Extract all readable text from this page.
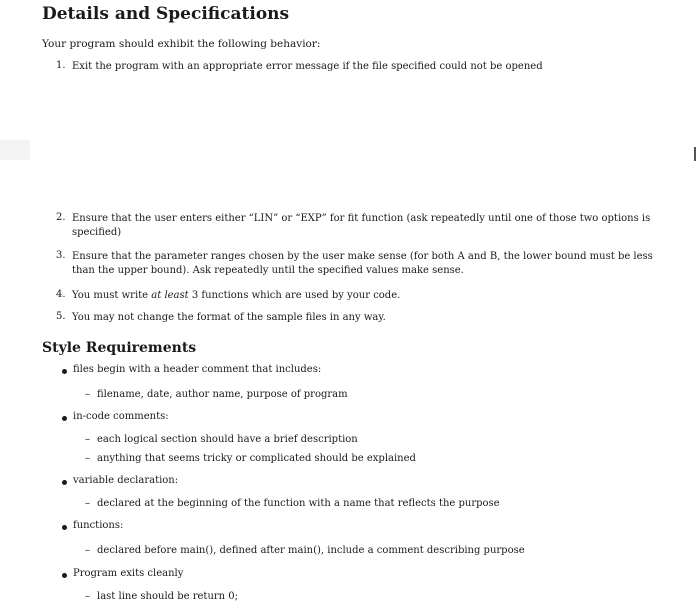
Details and Specifications
Your program should exhibit the following behavior:
1. Exit the program with an appropriate error message if the file specified could not be opened
2. Ensure that the user enters either “LIN” or “EXP” for fit function (ask repeatedly until one of those two options is specified)
3. Ensure that the parameter ranges chosen by the user make sense (for both A and B, the lower bound must be less than the upper bound). Ask repeatedly until the specified values make sense.
4. You must write at least 3 functions which are used by your code.
5. You may not change the format of the sample files in any way.
Style Requirements
files begin with a header comment that includes:
– filename, date, author name, purpose of program
in-code comments:
– each logical section should have a brief description
– anything that seems tricky or complicated should be explained
variable declaration:
– declared at the beginning of the function with a name that reflects the purpose
functions:
– declared before main(), defined after main(), include a comment describing purpose
Program exits cleanly
– last line should be return 0;
